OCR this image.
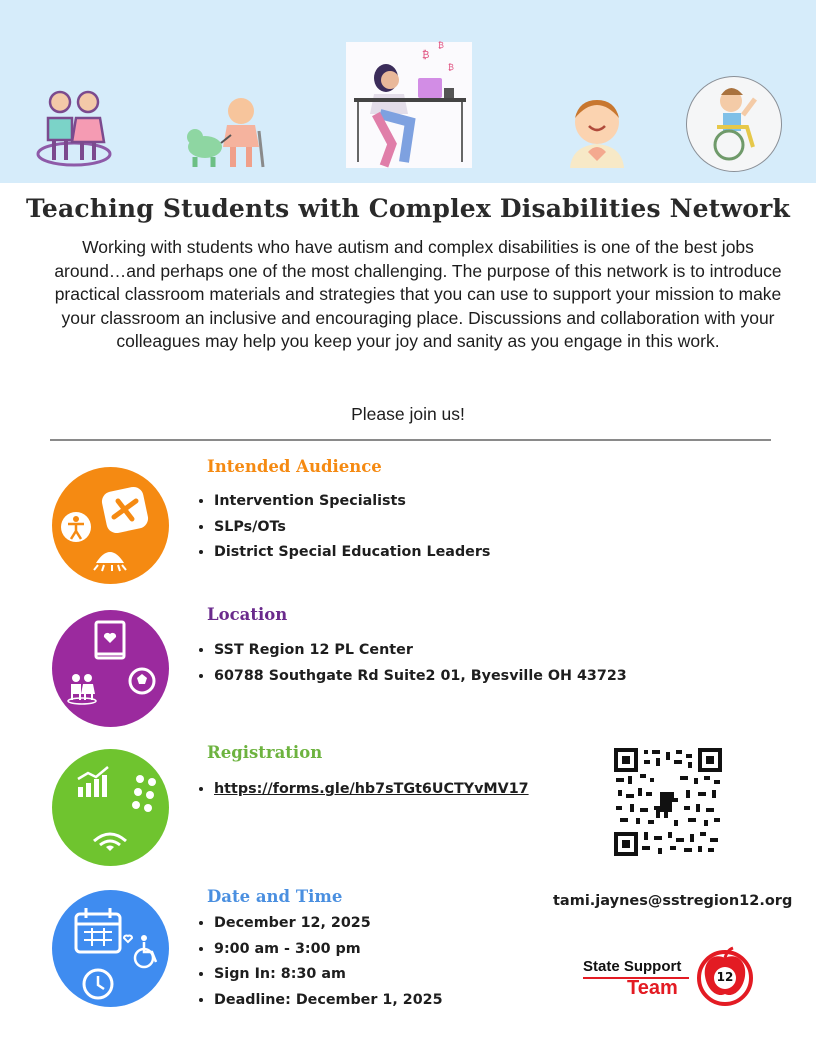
₿
₿
₿
Teaching Students with Complex Disabilities Network

Working with students who have autism and complex disabilities is one of the best jobs around…and perhaps one of the most challenging. The purpose of this network is to introduce practical classroom materials and strategies that you can use to support your mission to make your classroom an inclusive and encouraging place. Discussions and collaboration with your colleagues may help you keep your joy and sanity as you engage in this work.

Please join us!
Intended Audience
• Intervention Specialists
• SLPs/OTs
• District Special Education Leaders
Location
• SST Region 12 PL Center
• 60788 Southgate Rd Suite2 01, Byesville OH 43723
Registration
• https://forms.gle/hb7sTGt6UCTYvMV17
Date and Time
• December 12, 2025
• 9:00 am - 3:00 pm
• Sign In: 8:30 am
• Deadline: December 1, 2025
tami.jaynes@sstregion12.org
State Support
Team	12
